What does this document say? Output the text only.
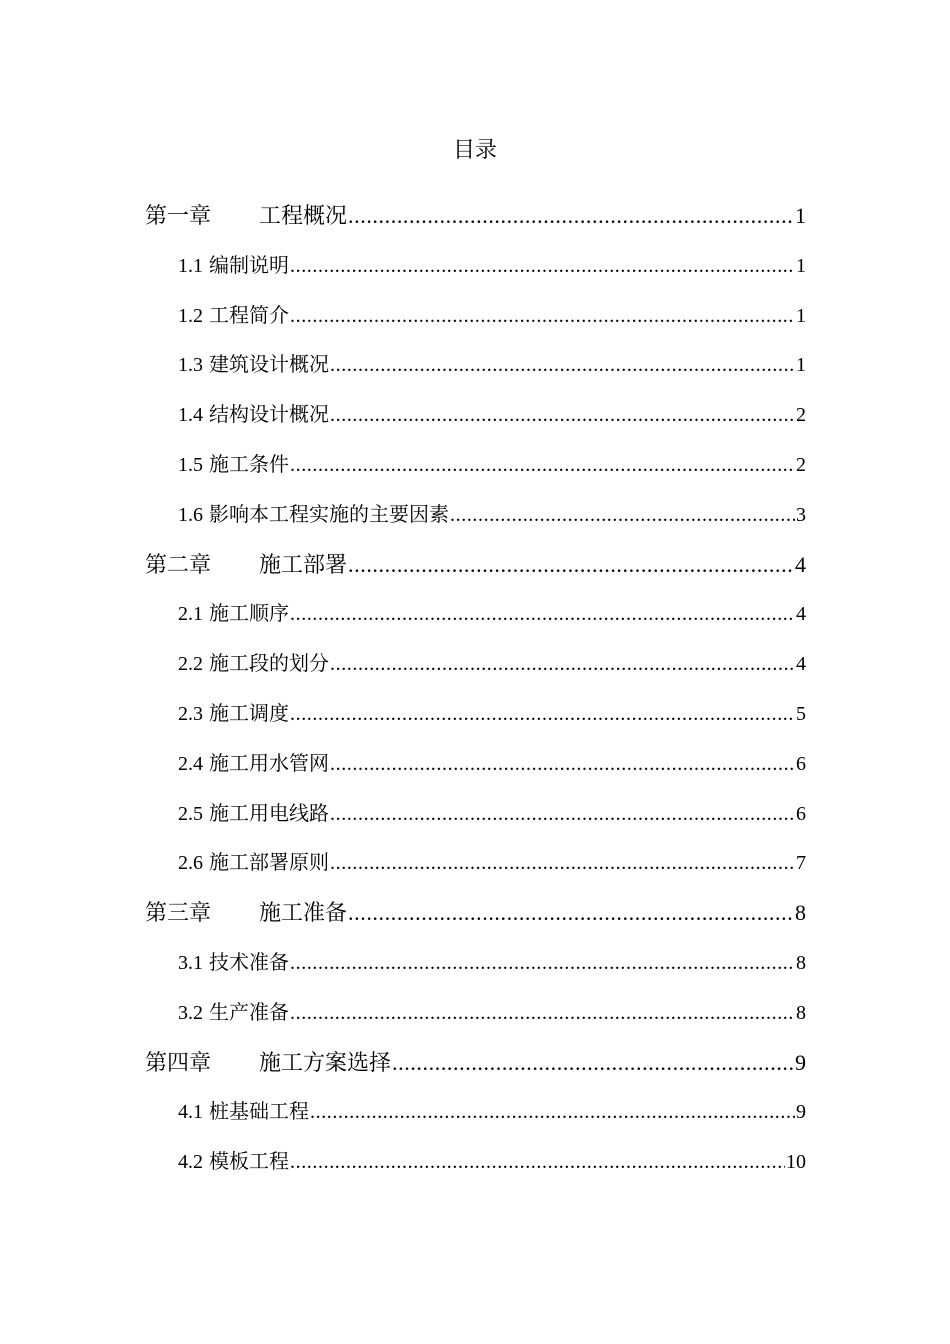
目录
第一章	工程概况 .....	1
1.1 编制说明 .....	1
1.2 工程简介 .....	1
1.3 建筑设计概况 .....	1
1.4 结构设计概况 .....	2
1.5 施工条件 .....	2
1.6 影响本工程实施的主要因素 .....	3
第二章	施工部署 .....	4
2.1 施工顺序 .....	4
2.2 施工段的划分 .....	4
2.3 施工调度 .....	5
2.4 施工用水管网 .....	6
2.5 施工用电线路 .....	6
2.6 施工部署原则 .....	7
第三章	施工准备 .....	8
3.1 技术准备 .....	8
3.2 生产准备 .....	8
第四章	施工方案选择 .....	9
4.1 桩基础工程 .....	9
4.2 模板工程 .....	10
